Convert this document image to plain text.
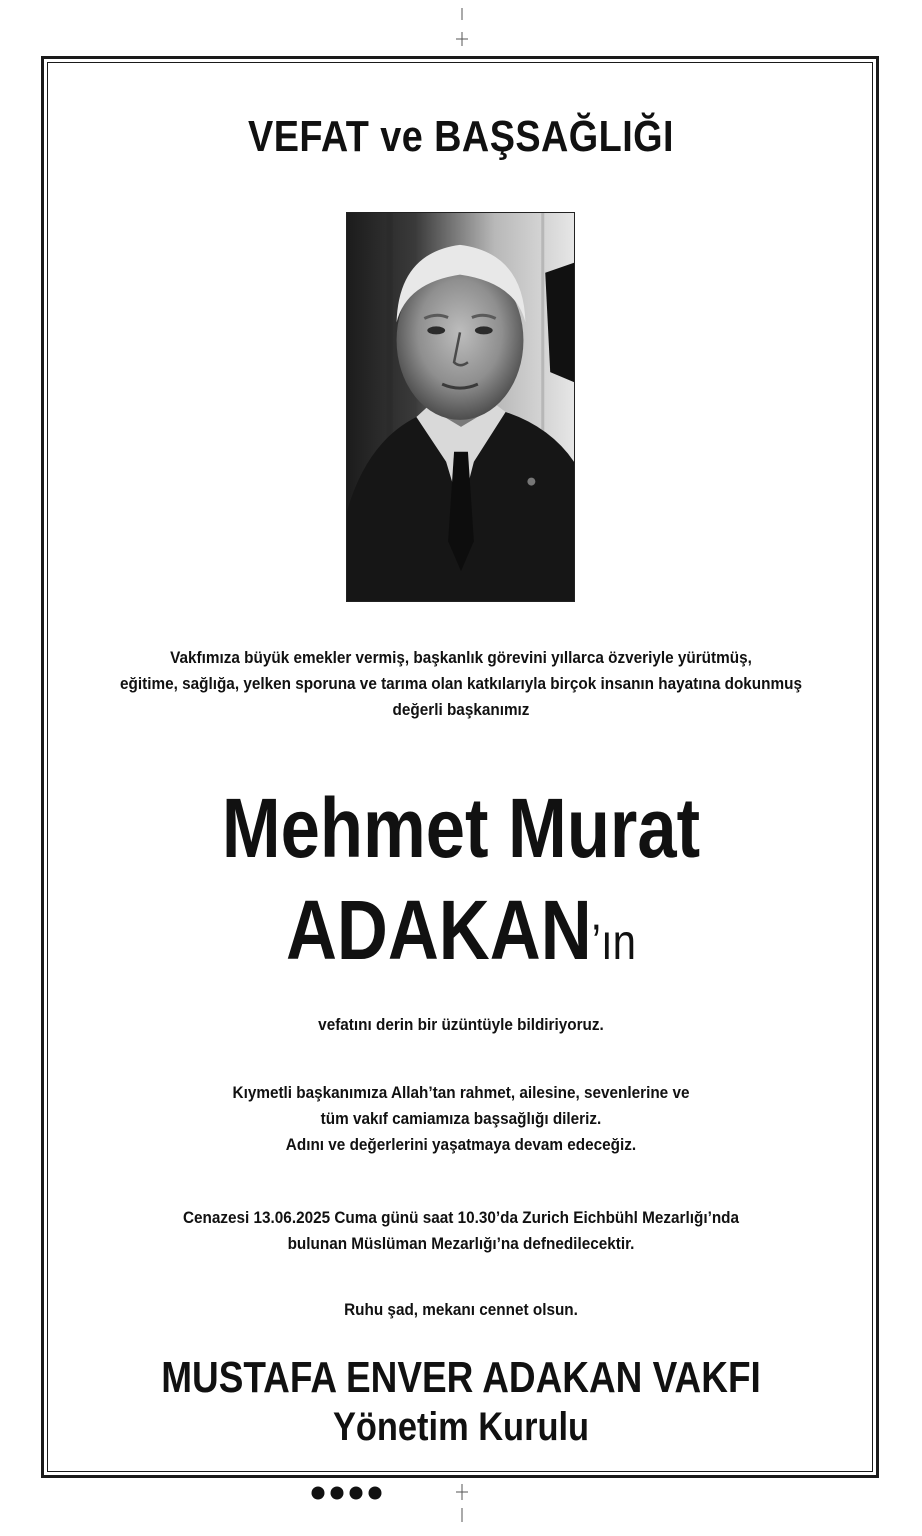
VEFAT ve BAŞSAĞLIĞI
Vakfımıza büyük emekler vermiş, başkanlık görevini yıllarca özveriyle yürütmüş,
eğitime, sağlığa, yelken sporuna ve tarıma olan katkılarıyla birçok insanın hayatına dokunmuş
değerli başkanımız
Mehmet Murat
ADAKAN’ın
vefatını derin bir üzüntüyle bildiriyoruz.
Kıymetli başkanımıza Allah’tan rahmet, ailesine, sevenlerine ve
tüm vakıf camiamıza başsağlığı dileriz.
Adını ve değerlerini yaşatmaya devam edeceğiz.
Cenazesi 13.06.2025 Cuma günü saat 10.30’da Zurich Eichbühl Mezarlığı’nda
bulunan Müslüman Mezarlığı’na defnedilecektir.
Ruhu şad, mekanı cennet olsun.
MUSTAFA ENVER ADAKAN VAKFI
Yönetim Kurulu
